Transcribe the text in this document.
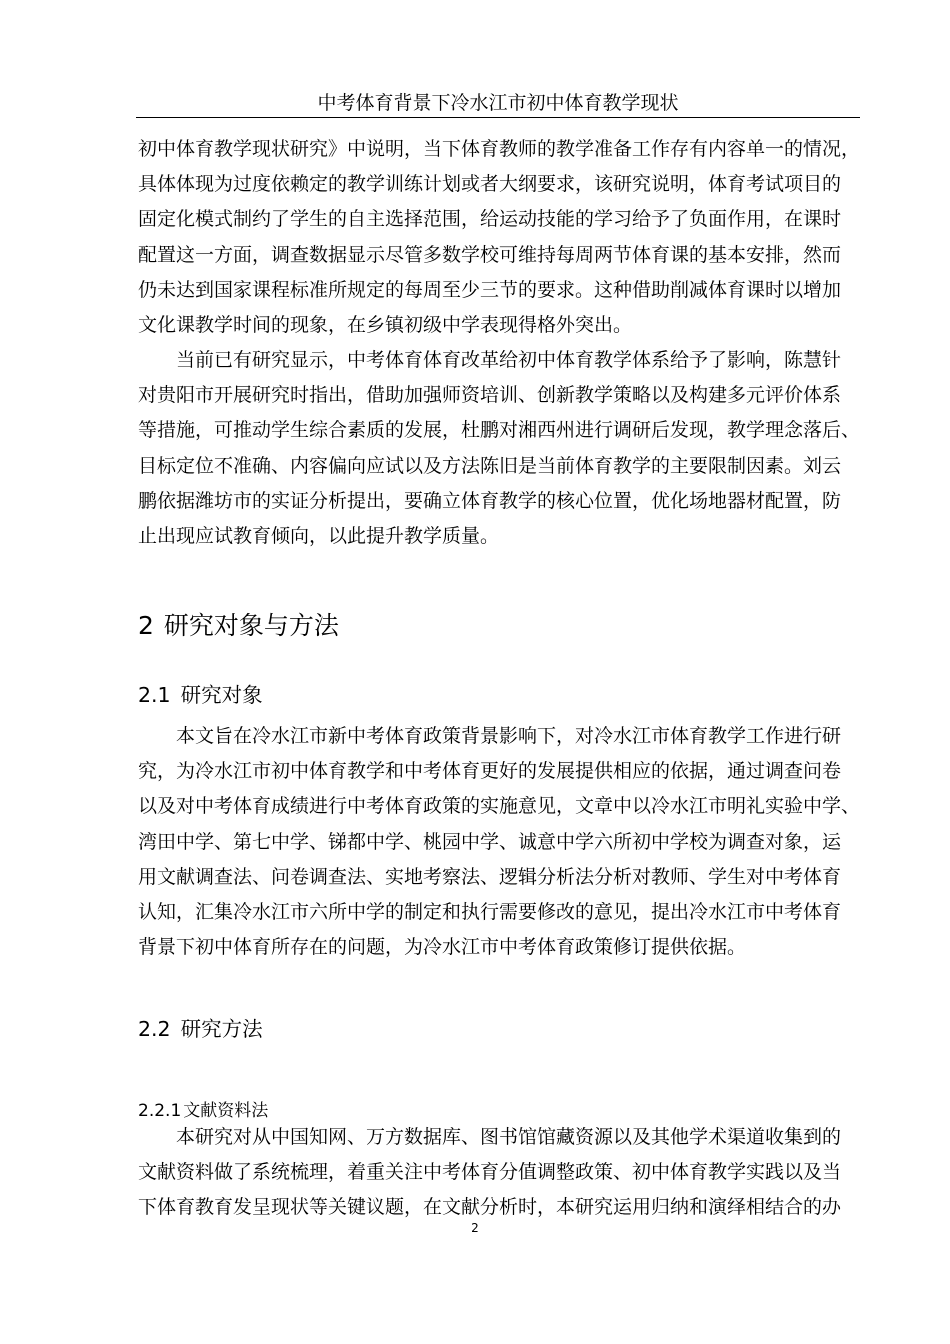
中考体育背景下冷水江市初中体育教学现状

初中体育教学现状研究》中说明，当下体育教师的教学准备工作存有内容单一的情况，
具体体现为过度依赖定的教学训练计划或者大纲要求，该研究说明，体育考试项目的
固定化模式制约了学生的自主选择范围，给运动技能的学习给予了负面作用，在课时
配置这一方面，调查数据显示尽管多数学校可维持每周两节体育课的基本安排，然而
仍未达到国家课程标准所规定的每周至少三节的要求。这种借助削减体育课时以增加
文化课教学时间的现象，在乡镇初级中学表现得格外突出。

　　当前已有研究显示，中考体育体育改革给初中体育教学体系给予了影响，陈慧针
对贵阳市开展研究时指出，借助加强师资培训、创新教学策略以及构建多元评价体系
等措施，可推动学生综合素质的发展，杜鹏对湘西州进行调研后发现，教学理念落后、
目标定位不准确、内容偏向应试以及方法陈旧是当前体育教学的主要限制因素。刘云
鹏依据潍坊市的实证分析提出，要确立体育教学的核心位置，优化场地器材配置，防
止出现应试教育倾向，以此提升教学质量。

2 研究对象与方法
2.1 研究对象

　　本文旨在冷水江市新中考体育政策背景影响下，对冷水江市体育教学工作进行研
究，为冷水江市初中体育教学和中考体育更好的发展提供相应的依据，通过调查问卷
以及对中考体育成绩进行中考体育政策的实施意见，文章中以冷水江市明礼实验中学、
湾田中学、第七中学、锑都中学、桃园中学、诚意中学六所初中学校为调查对象，运
用文献调查法、问卷调查法、实地考察法、逻辑分析法分析对教师、学生对中考体育
认知，汇集冷水江市六所中学的制定和执行需要修改的意见，提出冷水江市中考体育
背景下初中体育所存在的问题，为冷水江市中考体育政策修订提供依据。

2.2 研究方法
2.2.1 文献资料法

　　本研究对从中国知网、万方数据库、图书馆馆藏资源以及其他学术渠道收集到的
文献资料做了系统梳理，着重关注中考体育分值调整政策、初中体育教学实践以及当
下体育教育发呈现状等关键议题，在文献分析时，本研究运用归纳和演绎相结合的办

2
